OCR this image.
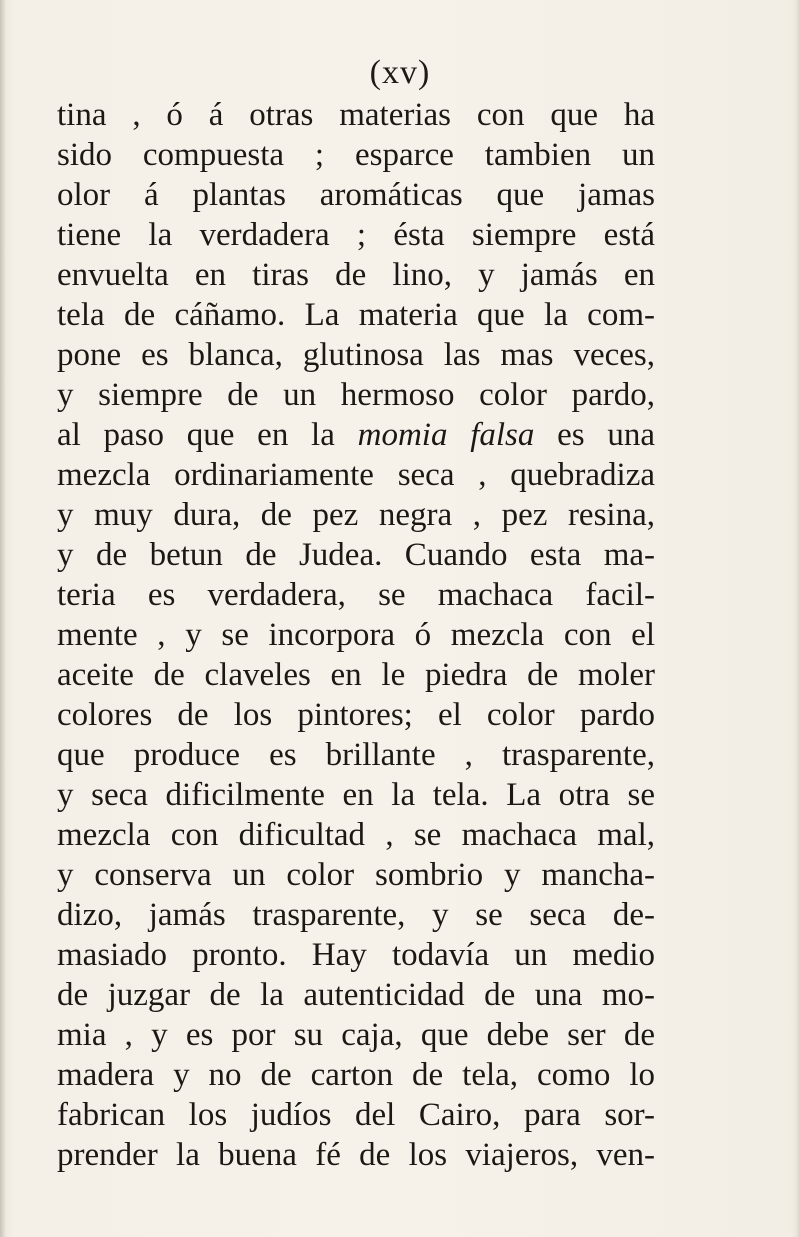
(xv)
tina , ó á otras materias con que ha
sido compuesta ; esparce tambien un
olor á plantas aromáticas que jamas
tiene la verdadera ; ésta siempre está
envuelta en tiras de lino, y jamás en
tela de cáñamo. La materia que la com-
pone es blanca, glutinosa las mas veces,
y siempre de un hermoso color pardo,
al paso que en la momia falsa es una
mezcla ordinariamente seca , quebradiza
y muy dura, de pez negra , pez resina,
y de betun de Judea. Cuando esta ma-
teria es verdadera, se machaca facil-
mente , y se incorpora ó mezcla con el
aceite de claveles en le piedra de moler
colores de los pintores; el color pardo
que produce es brillante , trasparente,
y seca dificilmente en la tela. La otra se
mezcla con dificultad , se machaca mal,
y conserva un color sombrio y mancha-
dizo, jamás trasparente, y se seca de-
masiado pronto. Hay todavía un medio
de juzgar de la autenticidad de una mo-
mia , y es por su caja, que debe ser de
madera y no de carton de tela, como lo
fabrican los judíos del Cairo, para sor-
prender la buena fé de los viajeros, ven-
